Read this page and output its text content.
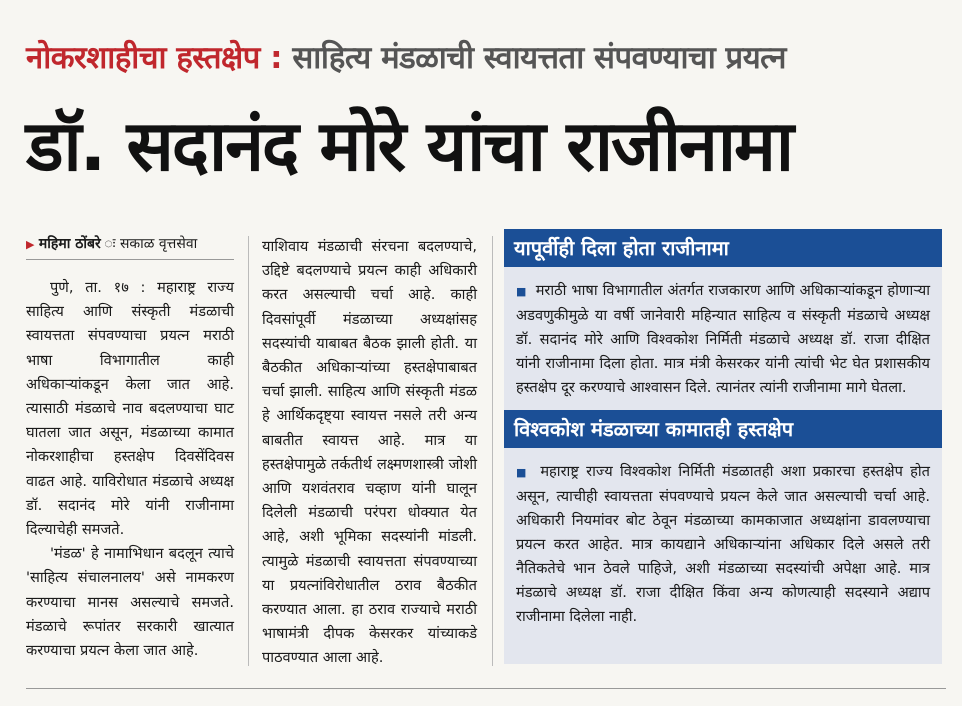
नोकरशाहीचा हस्तक्षेप : साहित्य मंडळाची स्वायत्तता संपवण्याचा प्रयत्न
डॉ. सदानंद मोरे यांचा राजीनामा
▶ महिमा ठोंबरे ः सकाळ वृत्तसेवा

पुणे, ता. १७ : महाराष्ट्र राज्य साहित्य आणि संस्कृती मंडळाची स्वायत्तता संपवण्याचा प्रयत्न मराठी भाषा विभागातील काही अधिकाऱ्यांकडून केला जात आहे. त्यासाठी मंडळाचे नाव बदलण्याचा घाट घातला जात असून, मंडळाच्या कामात नोकरशाहीचा हस्तक्षेप दिवसेंदिवस वाढत आहे. याविरोधात मंडळाचे अध्यक्ष डॉ. सदानंद मोरे यांनी राजीनामा दिल्याचेही समजते.

'मंडळ' हे नामाभिधान बदलून त्याचे 'साहित्य संचालनालय' असे नामकरण करण्याचा मानस असल्याचे समजते. मंडळाचे रूपांतर सरकारी खात्यात करण्याचा प्रयत्न केला जात आहे.

याशिवाय मंडळाची संरचना बदलण्याचे, उद्दिष्टे बदलण्याचे प्रयत्न काही अधिकारी करत असल्याची चर्चा आहे. काही दिवसांपूर्वी मंडळाच्या अध्यक्षांसह सदस्यांची याबाबत बैठक झाली होती. या बैठकीत अधिकाऱ्यांच्या हस्तक्षेपाबाबत चर्चा झाली. साहित्य आणि संस्कृती मंडळ हे आर्थिकदृष्ट्या स्वायत्त नसले तरी अन्य बाबतीत स्वायत्त आहे. मात्र या हस्तक्षेपामुळे तर्कतीर्थ लक्ष्मणशास्त्री जोशी आणि यशवंतराव चव्हाण यांनी घालून दिलेली मंडळाची परंपरा धोक्यात येत आहे, अशी भूमिका सदस्यांनी मांडली. त्यामुळे मंडळाची स्वायत्तता संपवण्याच्या या प्रयत्नांविरोधातील ठराव बैठकीत करण्यात आला. हा ठराव राज्याचे मराठी भाषामंत्री दीपक केसरकर यांच्याकडे पाठवण्यात आला आहे.

यापूर्वीही दिला होता राजीनामा
■ मराठी भाषा विभागातील अंतर्गत राजकारण आणि अधिकाऱ्यांकडून होणाऱ्या अडवणुकीमुळे या वर्षी जानेवारी महिन्यात साहित्य व संस्कृती मंडळाचे अध्यक्ष डॉ. सदानंद मोरे आणि विश्वकोश निर्मिती मंडळाचे अध्यक्ष डॉ. राजा दीक्षित यांनी राजीनामा दिला होता. मात्र मंत्री केसरकर यांनी त्यांची भेट घेत प्रशासकीय हस्तक्षेप दूर करण्याचे आश्वासन दिले. त्यानंतर त्यांनी राजीनामा मागे घेतला.
विश्वकोश मंडळाच्या कामातही हस्तक्षेप
■ महाराष्ट्र राज्य विश्वकोश निर्मिती मंडळातही अशा प्रकारचा हस्तक्षेप होत असून, त्याचीही स्वायत्तता संपवण्याचे प्रयत्न केले जात असल्याची चर्चा आहे. अधिकारी नियमांवर बोट ठेवून मंडळाच्या कामकाजात अध्यक्षांना डावलण्याचा प्रयत्न करत आहेत. मात्र कायद्याने अधिकाऱ्यांना अधिकार दिले असले तरी नैतिकतेचे भान ठेवले पाहिजे, अशी मंडळाच्या सदस्यांची अपेक्षा आहे. मात्र मंडळाचे अध्यक्ष डॉ. राजा दीक्षित किंवा अन्य कोणत्याही सदस्याने अद्याप राजीनामा दिलेला नाही.
